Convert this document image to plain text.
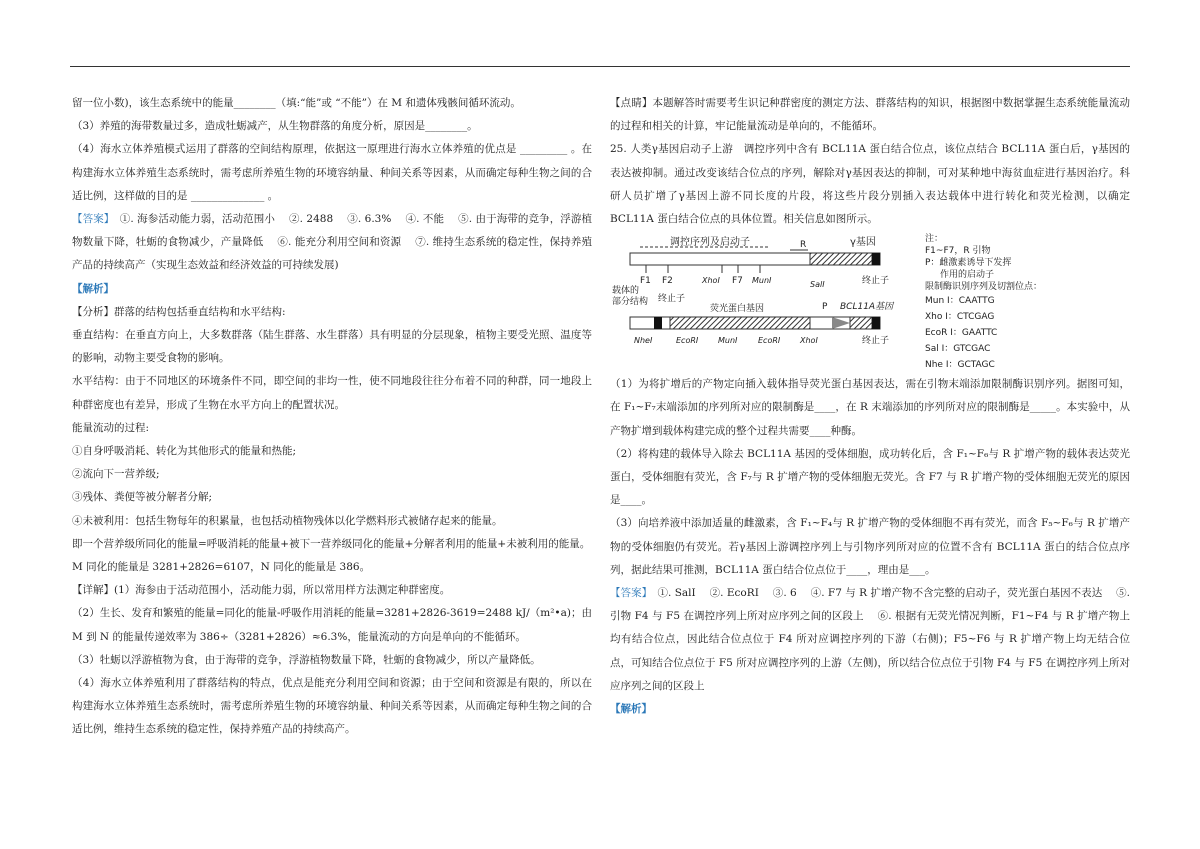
留一位小数)，该生态系统中的能量________（填:“能”或 “不能”）在 M 和遗体残骸间循环流动。

（3）养殖的海带数量过多，造成牡蛎减产，从生物群落的角度分析，原因是________。

（4）海水立体养殖模式运用了群落的空间结构原理，依据这一原理进行海水立体养殖的优点是 _________ 。在构建海水立体养殖生态系统时，需考虑所养殖生物的环境容纳量、种间关系等因素，从而确定每种生物之间的合适比例，这样做的目的是 ______________ 。

【答案】　 ①. 海参活动能力弱，活动范围小　 ②. 2488　 ③. 6.3%　 ④. 不能　 ⑤. 由于海带的竞争，浮游植物数量下降，牡蛎的食物减少，产量降低　 ⑥. 能充分利用空间和资源　 ⑦. 维持生态系统的稳定性，保持养殖产品的持续高产（实现生态效益和经济效益的可持续发展)

【解析】

【分析】群落的结构包括垂直结构和水平结构:

垂直结构：在垂直方向上，大多数群落（陆生群落、水生群落）具有明显的分层现象，植物主要受光照、温度等的影响，动物主要受食物的影响。

水平结构：由于不同地区的环境条件不同，即空间的非均一性，使不同地段往往分布着不同的种群，同一地段上种群密度也有差异，形成了生物在水平方向上的配置状况。

能量流动的过程:

①自身呼吸消耗、转化为其他形式的能量和热能;

②流向下一营养级;

③残体、粪便等被分解者分解;

④未被利用：包括生物每年的积累量，也包括动植物残体以化学燃料形式被储存起来的能量。

即一个营养级所同化的能量=呼吸消耗的能量+被下一营养级同化的能量+分解者利用的能量+未被利用的能量。

M 同化的能量是 3281+2826=6107，N 同化的能量是 386。

【详解】(1）海参由于活动范围小，活动能力弱，所以常用样方法测定种群密度。

（2）生长、发育和繁殖的能量=同化的能量-呼吸作用消耗的能量=3281+2826-3619=2488 kJ/（m²•a)；由 M 到 N 的能量传递效率为 386÷（3281+2826）≈6.3%，能量流动的方向是单向的不能循环。

（3）牡蛎以浮游植物为食，由于海带的竞争，浮游植物数量下降，牡蛎的食物减少，所以产量降低。

（4）海水立体养殖利用了群落结构的特点，优点是能充分利用空间和资源；由于空间和资源是有限的，所以在构建海水立体养殖生态系统时，需考虑所养殖生物的环境容纳量、种间关系等因素，从而确定每种生物之间的合适比例，维持生态系统的稳定性，保持养殖产品的持续高产。

【点睛】本题解答时需要考生识记种群密度的测定方法、群落结构的知识，根据图中数据掌握生态系统能量流动的过程和相关的计算，牢记能量流动是单向的，不能循环。

25. 人类γ基因启动子上游　调控序列中含有 BCL11A 蛋白结合位点，该位点结合 BCL11A 蛋白后，γ基因的表达被抑制。通过改变该结合位点的序列，解除对γ基因表达的抑制，可对某种地中海贫血症进行基因治疗。科研人员扩增了γ基因上游不同长度的片段，将这些片段分别插入表达载体中进行转化和荧光检测，以确定 BCL11A 蛋白结合位点的具体位置。相关信息如图所示。

调控序列及启动子	R	γ基因
F1 F2	XhoⅠ F7 MunⅠ	SalⅠ	终止子
载体的
部分结构 终止子
荧光蛋白基因	P BCL11A基因
NheⅠ	EcoRⅠ MunⅠ	EcoRⅠ XhoⅠ	终止子
注：
F1~F7，R 引物
P：雌激素诱导下发挥
作用的启动子
限制酶识别序列及切割位点：
Mun Ⅰ：CAATTG
Xho Ⅰ：CTCGAG
EcoR Ⅰ：GAATTC
Sal Ⅰ：GTCGAC
Nhe Ⅰ：GCTAGC

（1）为将扩增后的产物定向插入载体指导荧光蛋白基因表达，需在引物末端添加限制酶识别序列。据图可知，在 F₁~F₇末端添加的序列所对应的限制酶是____，在 R 末端添加的序列所对应的限制酶是_____。本实验中，从产物扩增到载体构建完成的整个过程共需要____种酶。

（2）将构建的载体导入除去 BCL11A 基因的受体细胞，成功转化后，含 F₁~F₆与 R 扩增产物的载体表达荧光蛋白，受体细胞有荧光，含 F₇与 R 扩增产物的受体细胞无荧光。含 F7 与 R 扩增产物的受体细胞无荧光的原因是____。

（3）向培养液中添加适量的雌激素，含 F₁~F₄与 R 扩增产物的受体细胞不再有荧光，而含 F₅~F₆与 R 扩增产物的受体细胞仍有荧光。若γ基因上游调控序列上与引物序列所对应的位置不含有 BCL11A 蛋白的结合位点序列，据此结果可推测，BCL11A 蛋白结合位点位于____，理由是___。

【答案】　 ①. SalⅠ　 ②. EcoRⅠ　 ③. 6　 ④. F7 与 R 扩增产物不含完整的启动子，荧光蛋白基因不表达　 ⑤. 引物 F4 与 F5 在调控序列上所对应序列之间的区段上　 ⑥. 根据有无荧光情况判断，F1~F4 与 R 扩增产物上均有结合位点，因此结合位点位于 F4 所对应调控序列的下游（右侧)；F5~F6 与 R 扩增产物上均无结合位点，可知结合位点位于 F5 所对应调控序列的上游（左侧)，所以结合位点位于引物 F4 与 F5 在调控序列上所对应序列之间的区段上

【解析】
